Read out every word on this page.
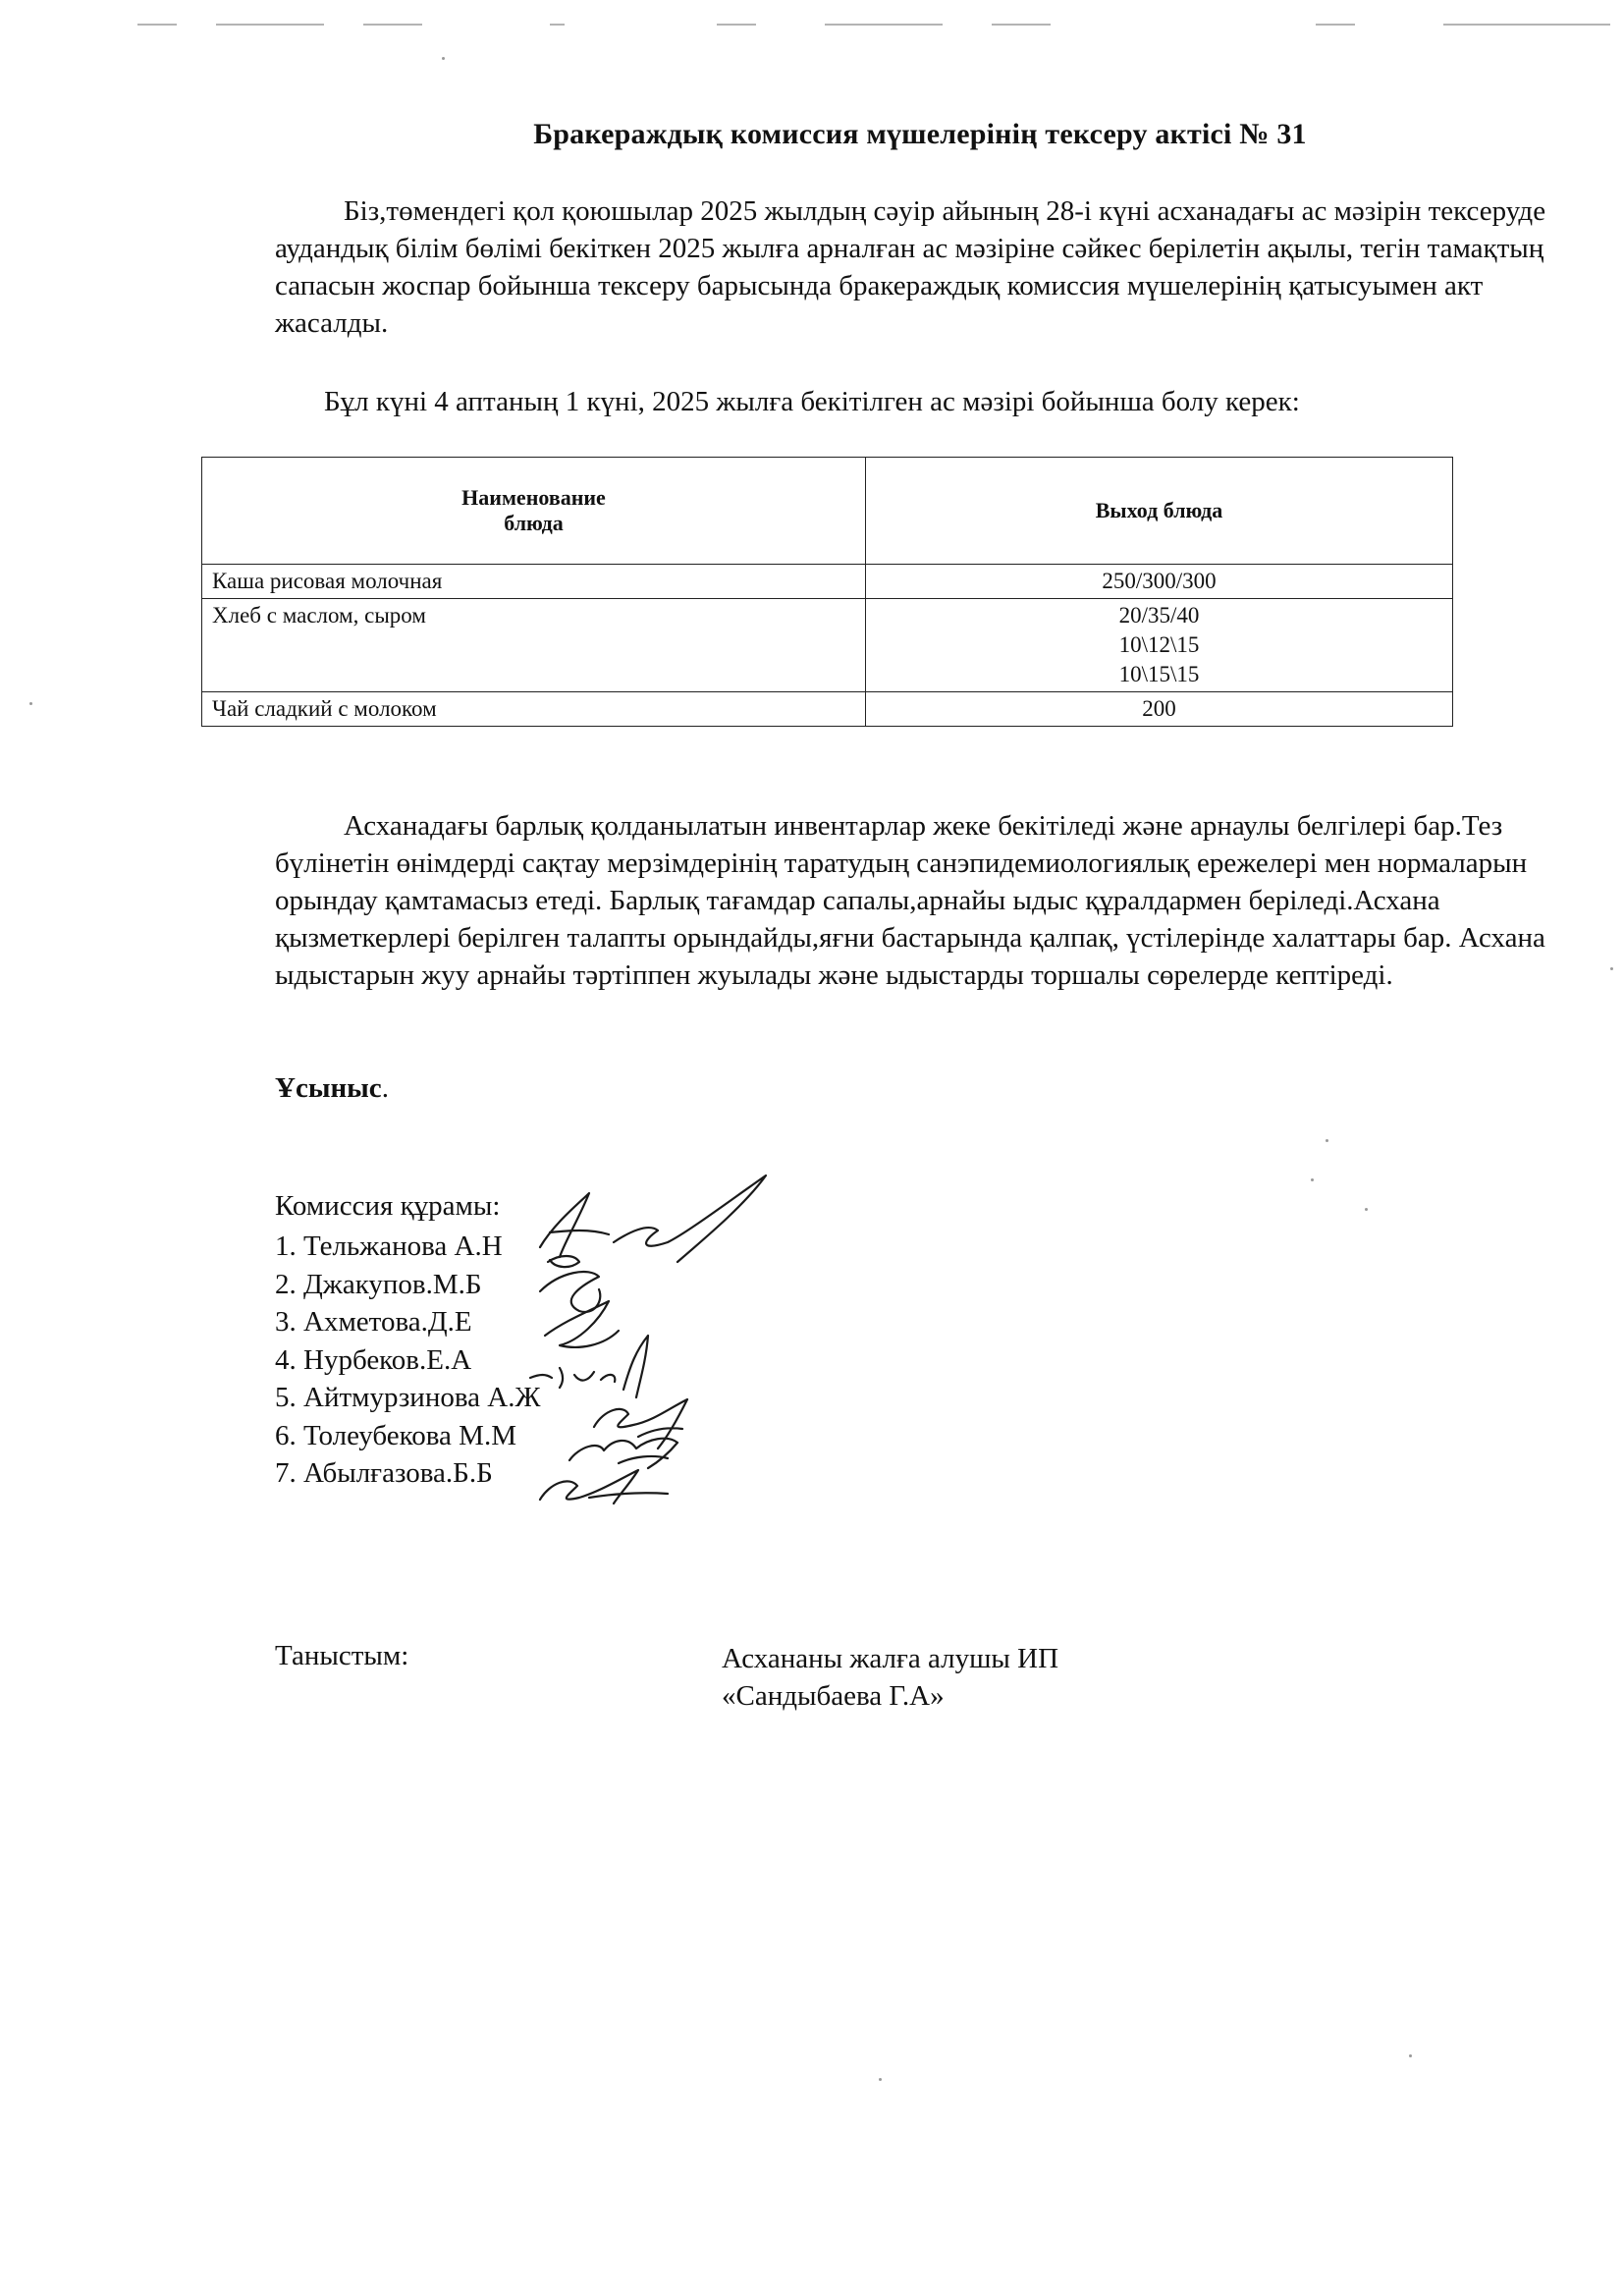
Бракераждық комиссия мүшелерінің тексеру актісі № 31
Біз,төмендегі қол қоюшылар 2025 жылдың сәуір айының 28-і күні асханадағы ас мәзірін тексеруде аудандық білім бөлімі бекіткен 2025 жылға арналған ас мәзіріне сәйкес берілетін ақылы, тегін тамақтың сапасын жоспар бойынша тексеру барысында бракераждық комиссия мүшелерінің қатысуымен акт жасалды.
Бұл күні 4 аптаның 1 күні, 2025 жылға бекітілген ас мәзірі бойынша болу керек:
Наименование
блюда	Выход блюда
Каша рисовая молочная	250/300/300

Хлеб с маслом, сыром	20/35/40
10\12\15
10\15\15

Чай сладкий с молоком	200
Асханадағы барлық қолданылатын инвентарлар жеке бекітіледі және арнаулы белгілері бар.Тез бүлінетін өнімдерді сақтау мерзімдерінің таратудың санэпидемиологиялық ережелері мен нормаларын орындау қамтамасыз етеді. Барлық тағамдар сапалы,арнайы ыдыс құралдармен беріледі.Асхана қызметкерлері берілген талапты орындайды,яғни бастарында қалпақ, үстілерінде халаттары бар. Асхана ыдыстарын жуу арнайы тәртіппен жуылады және ыдыстарды торшалы сөрелерде кептіреді.
Ұсыныс.
Комиссия құрамы:
1. Тельжанова А.Н
2. Джакупов.М.Б
3. Ахметова.Д.Е
4. Нурбеков.Е.А
5. Айтмурзинова А.Ж
6. Толеубекова М.М
7. Абылғазова.Б.Б
Таныстым:	Асхананы жалға алушы ИП
«Сандыбаева Г.А»
